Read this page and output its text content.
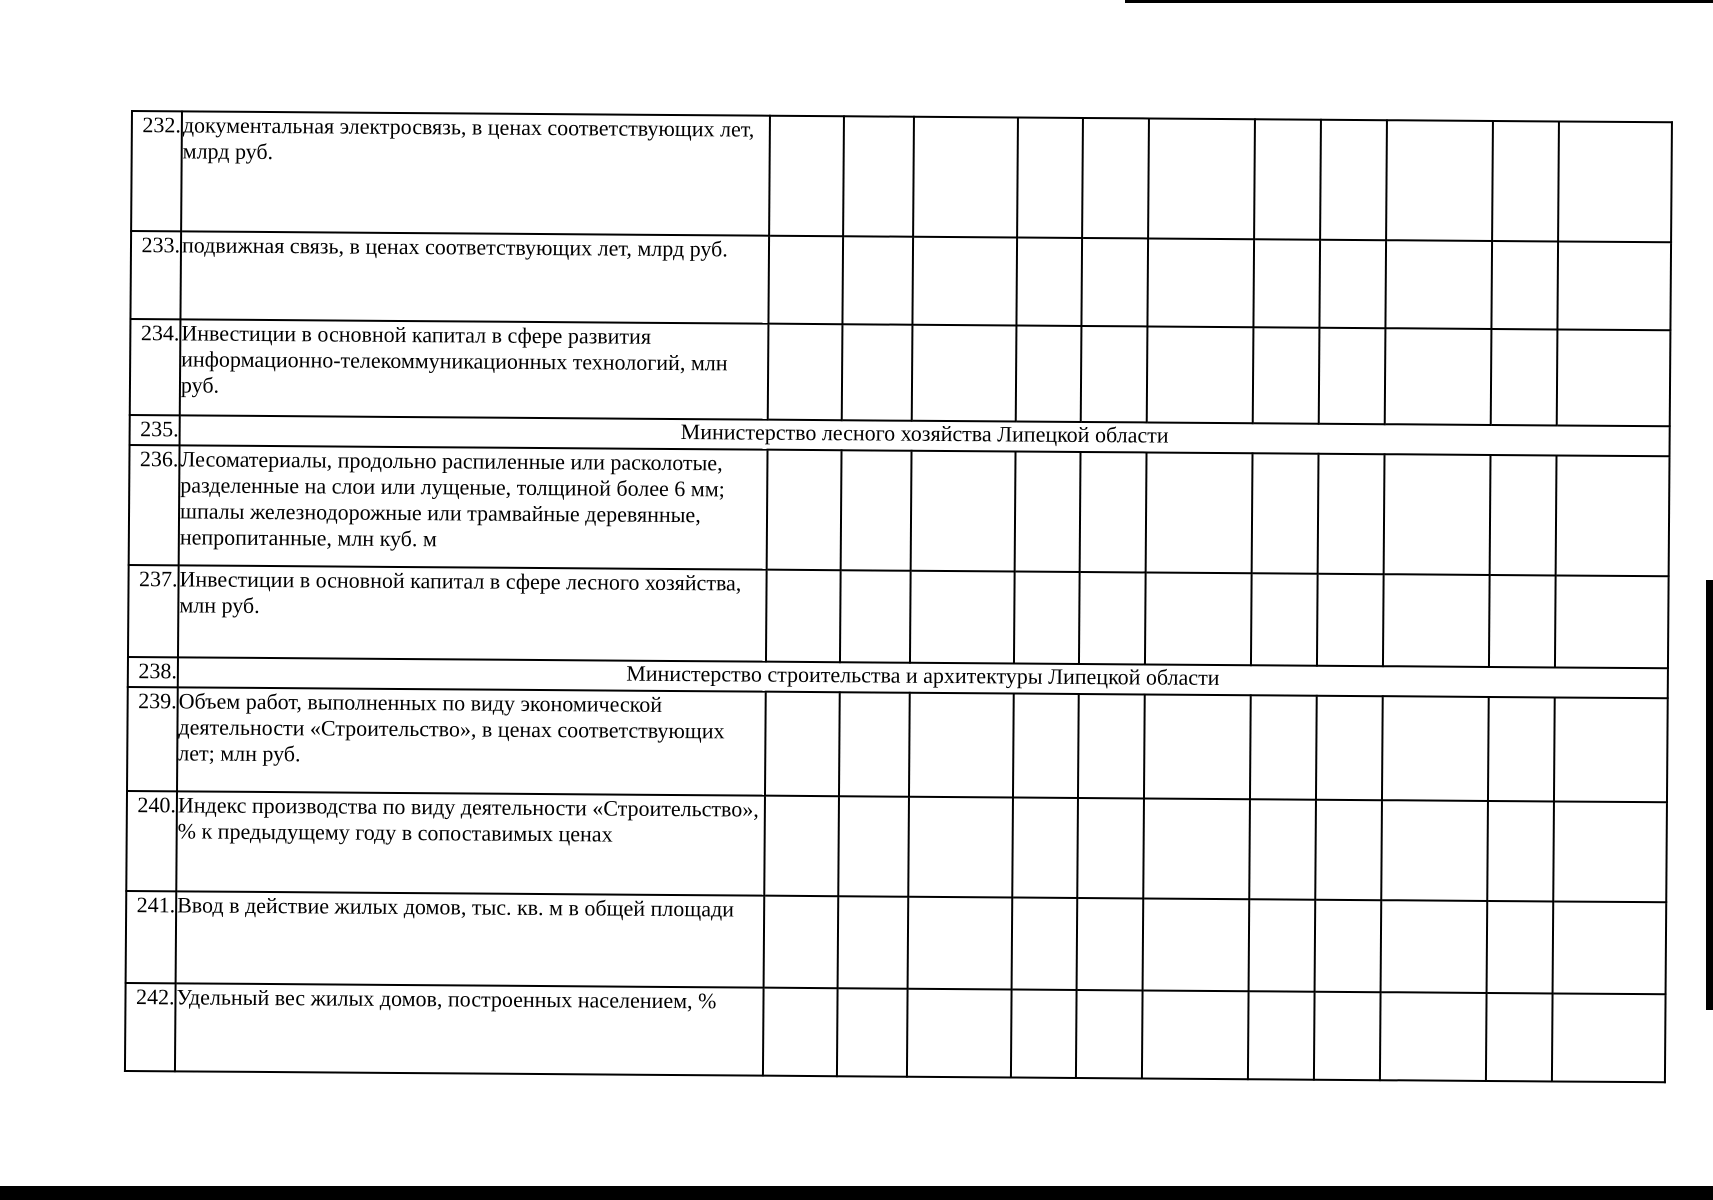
232.	документальная электросвязь, в ценах соответствующих лет, млрд руб.											
233.	подвижная связь, в ценах соответствующих лет, млрд руб.											
234.	Инвестиции в основной капитал в сфере развития информационно-телекоммуникационных технологий, млн руб.											
235.	Министерство лесного хозяйства Липецкой области											
236.	Лесоматериалы, продольно распиленные или расколотые, разделенные на слои или лущеные, толщиной более 6 мм; шпалы железнодорожные или трамвайные деревянные, непропитанные, млн куб. м											
237.	Инвестиции в основной капитал в сфере лесного хозяйства, млн руб.											
238.	Министерство строительства и архитектуры Липецкой области											
239.	Объем работ, выполненных по виду экономической деятельности «Строительство», в ценах соответствующих лет; млн руб.											
240.	Индекс производства по виду деятельности «Строительство», % к предыдущему году в сопоставимых ценах											
241.	Ввод в действие жилых домов, тыс. кв. м в общей площади											
242.	Удельный вес жилых домов, построенных населением, %											
